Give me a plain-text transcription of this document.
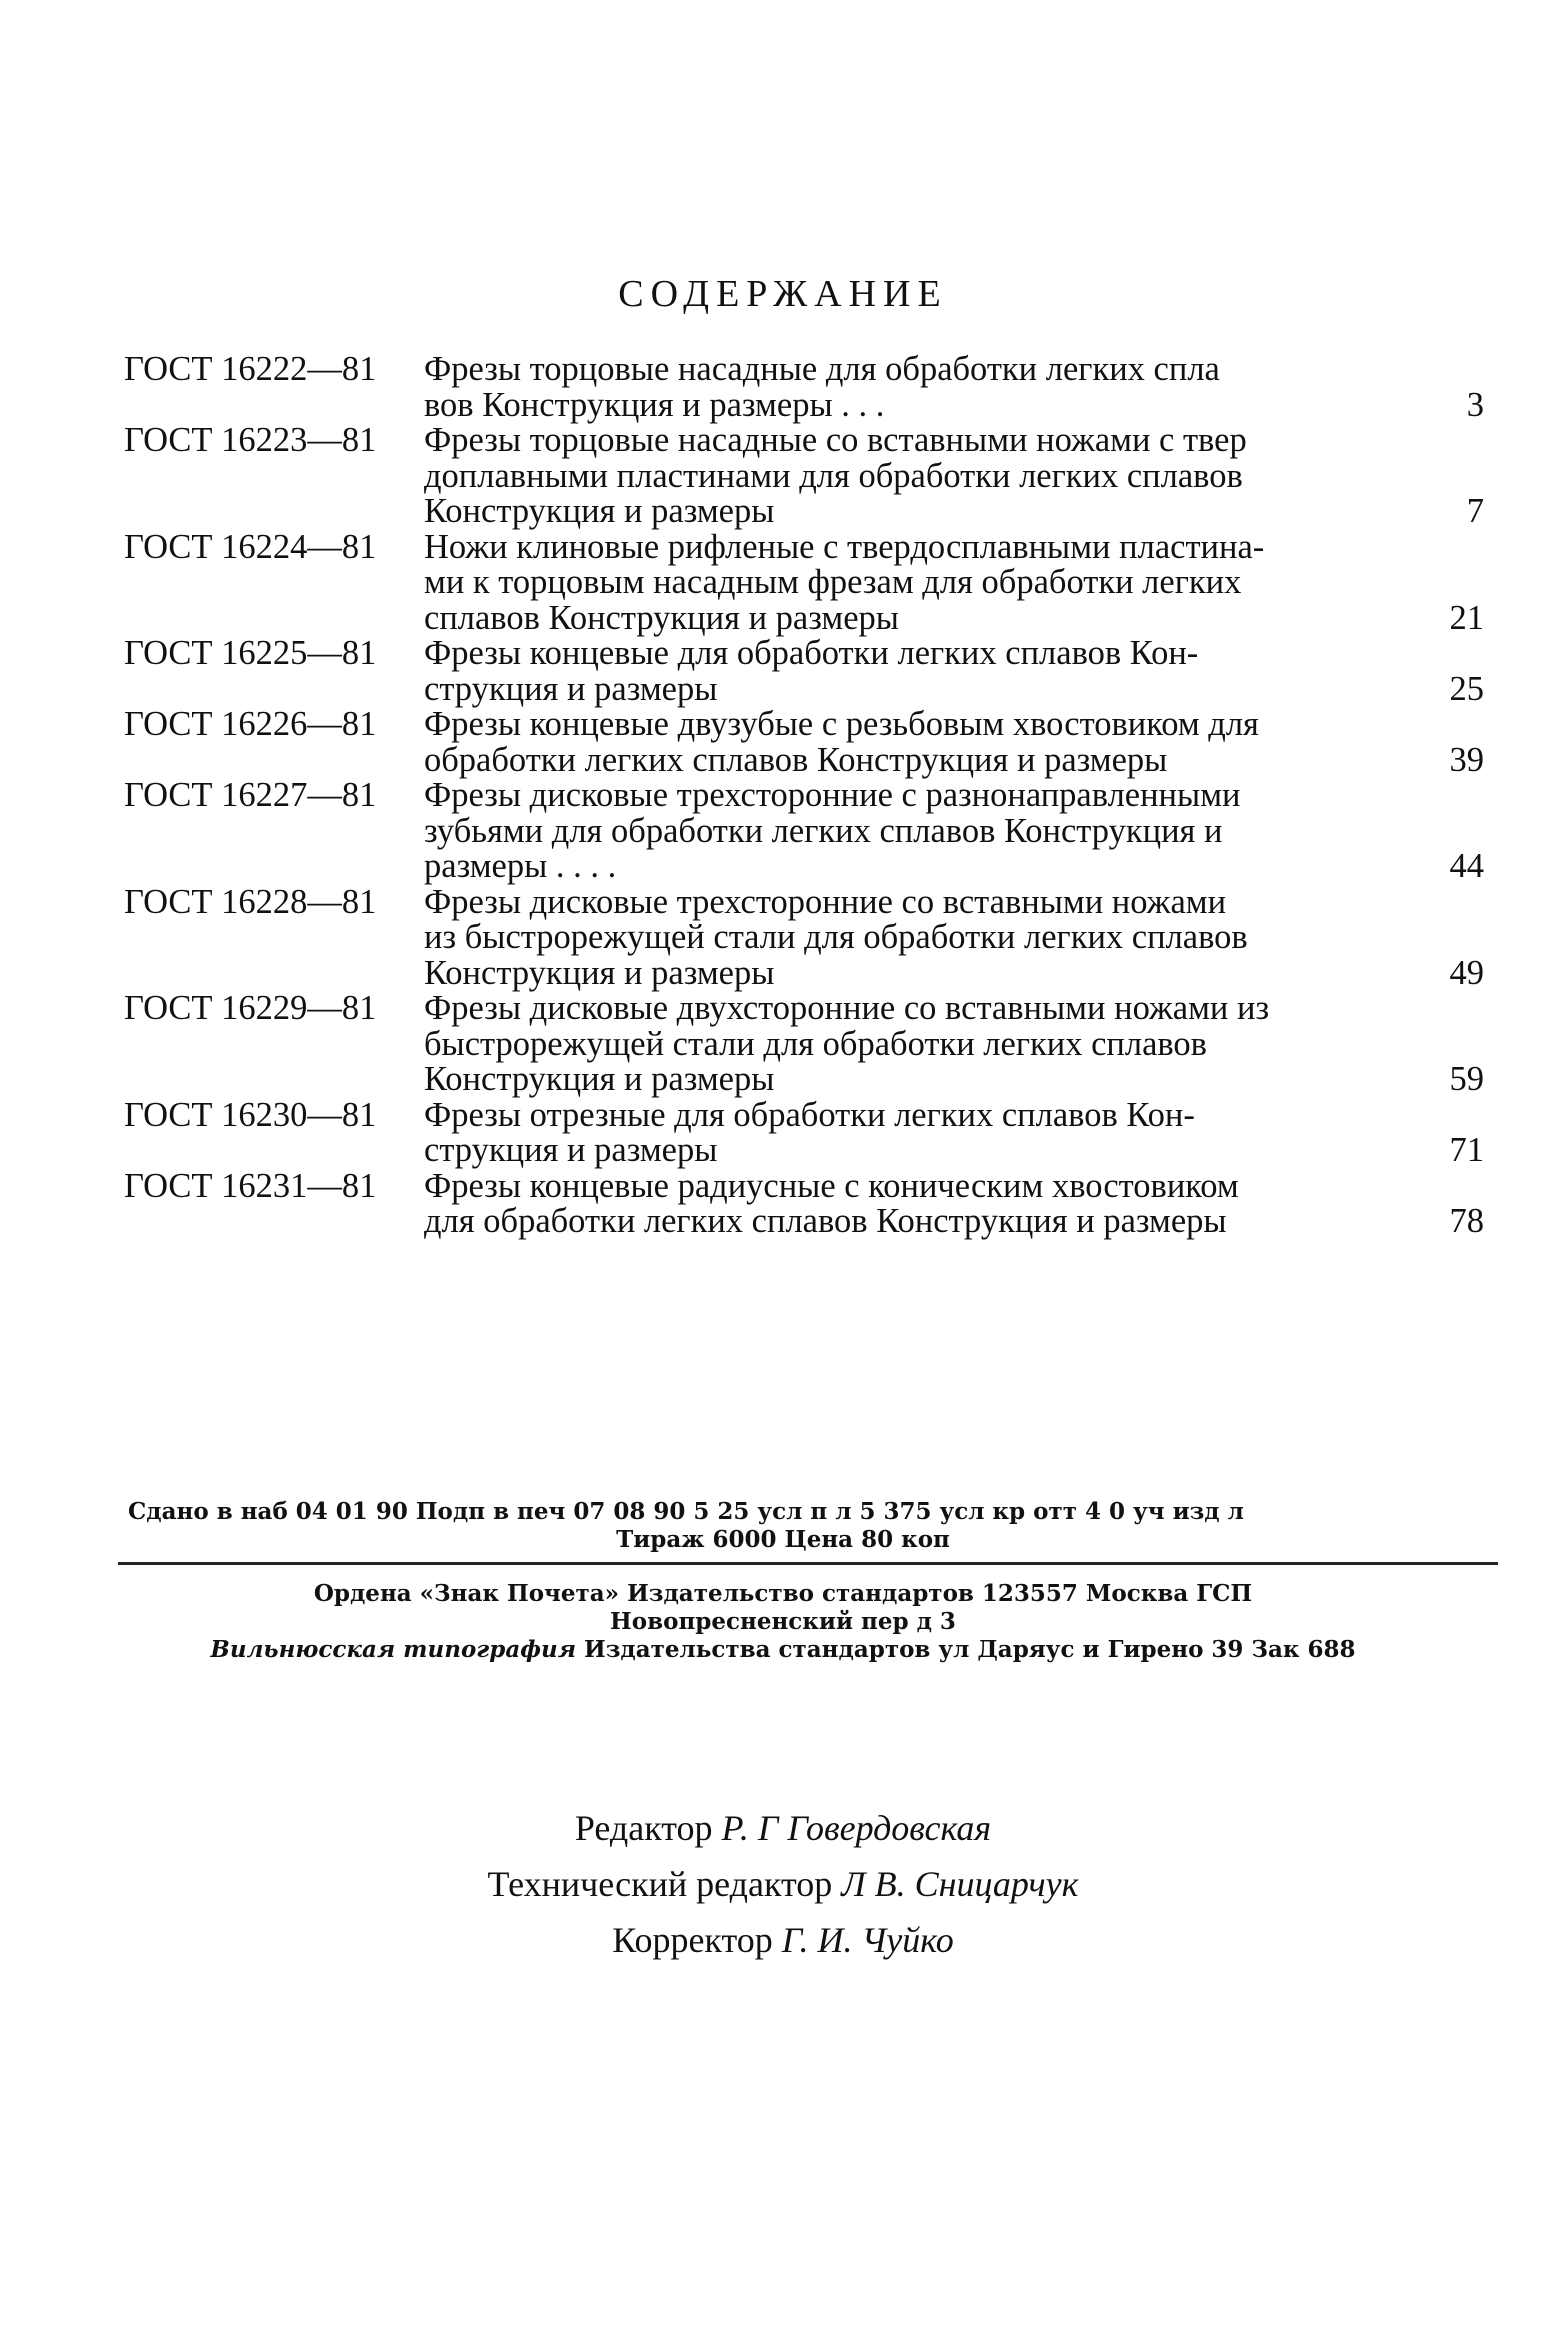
СОДЕРЖАНИЕ
ГОСТ 16222—81 Фрезы торцовые насадные для обработки легких спла
вов Конструкция и размеры . . .	3
ГОСТ 16223—81 Фрезы торцовые насадные со вставными ножами с твер
доплавными пластинами для обработки легких сплавов
Конструкция и размеры	7
ГОСТ 16224—81 Ножи клиновые рифленые с твердосплавными пластина-
ми к торцовым насадным фрезам для обработки легких
сплавов Конструкция и размеры	21
ГОСТ 16225—81 Фрезы концевые для обработки легких сплавов Кон-
струкция и размеры	25
ГОСТ 16226—81 Фрезы концевые двузубые с резьбовым хвостовиком для
обработки легких сплавов Конструкция и размеры	39
ГОСТ 16227—81 Фрезы дисковые трехсторонние с разнонаправленными
зубьями для обработки легких сплавов Конструкция и
размеры . . . .	44
ГОСТ 16228—81 Фрезы дисковые трехсторонние со вставными ножами
из быстрорежущей стали для обработки легких сплавов
Конструкция и размеры	49
ГОСТ 16229—81 Фрезы дисковые двухсторонние со вставными ножами из
быстрорежущей стали для обработки легких сплавов
Конструкция и размеры	59
ГОСТ 16230—81 Фрезы отрезные для обработки легких сплавов Кон-
струкция и размеры	71
ГОСТ 16231—81 Фрезы концевые радиусные с коническим хвостовиком
для обработки легких сплавов Конструкция и размеры	78
Редактор Р. Г Говердовская
Технический редактор Л В. Сницарчук
Корректор Г. И. Чуйко
Сдано в наб 04 01 90 Подп в печ 07 08 90 5 25 усл п л 5 375 усл кр отт 4 0 уч изд л
Тираж 6000 Цена 80 коп
Ордена «Знак Почета» Издательство стандартов 123557 Москва ГСП
Новопресненский пер д 3
Вильнюсская типография Издательства стандартов ул Даряус и Гирено 39 Зак 688
